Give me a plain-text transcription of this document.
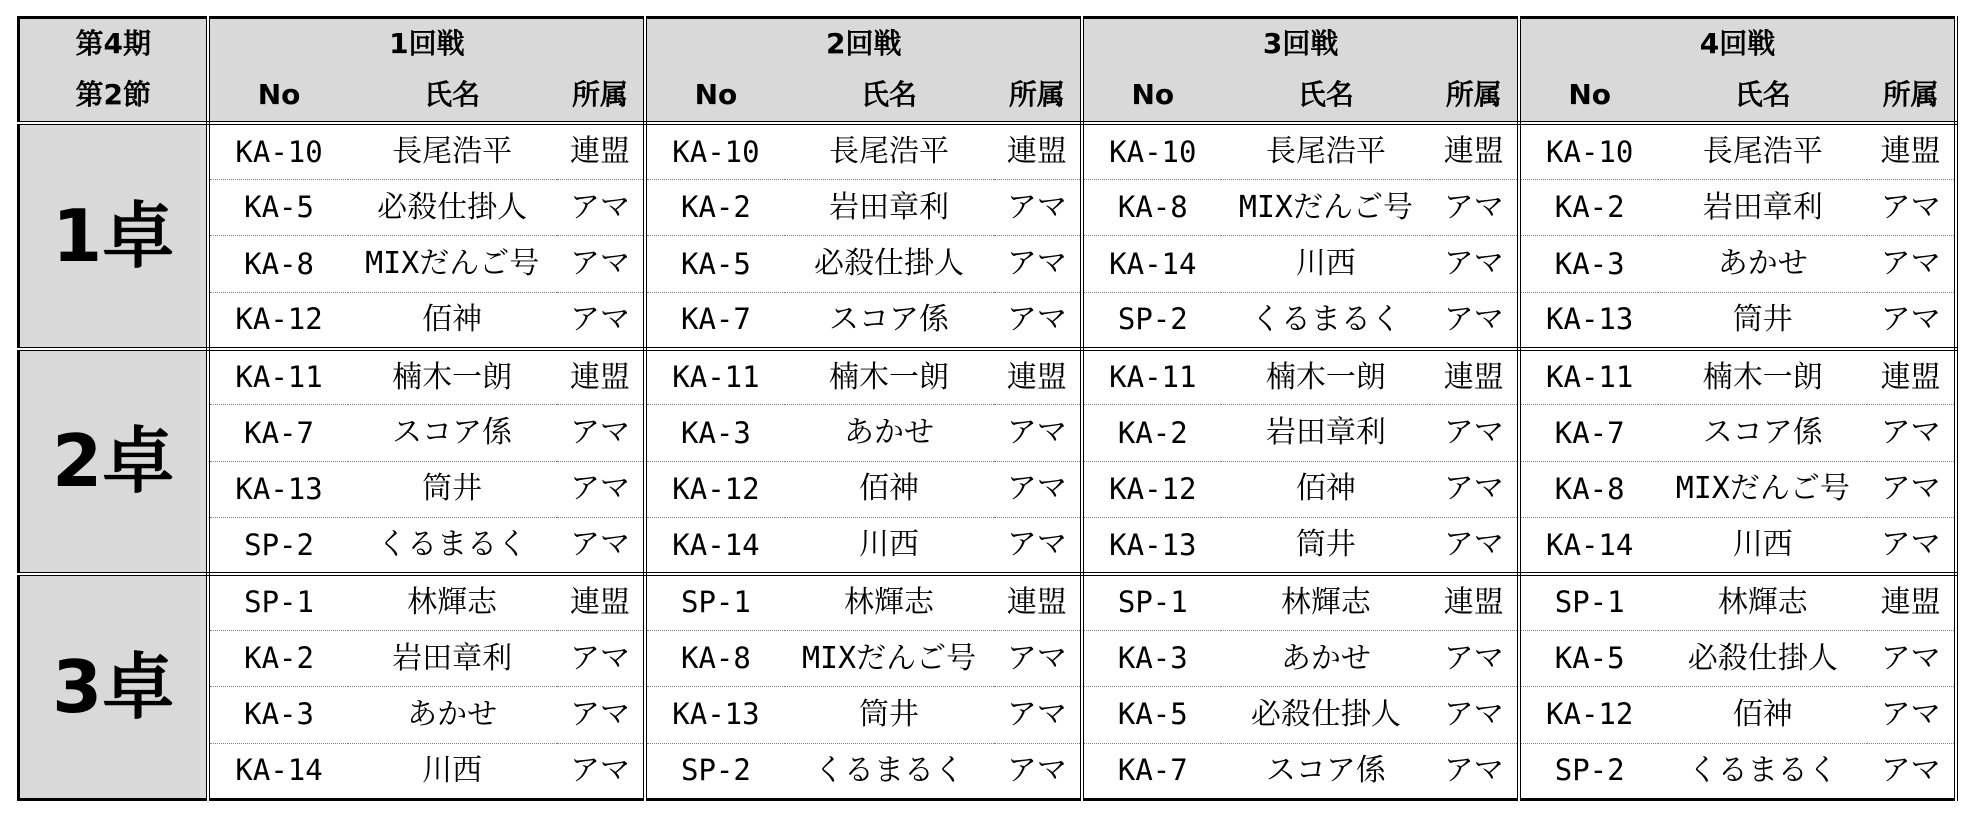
第4期	1回戦			2回戦			3回戦			4回戦		
第2節	No	氏名	所属	No	氏名	所属	No	氏名	所属	No	氏名	所属
1卓	KA-10	長尾浩平	連盟	KA-10	長尾浩平	連盟	KA-10	長尾浩平	連盟	KA-10	長尾浩平	連盟
	KA-5	必殺仕掛人	アマ	KA-2	岩田章利	アマ	KA-8	MIXだんご号	アマ	KA-2	岩田章利	アマ
	KA-8	MIXだんご号	アマ	KA-5	必殺仕掛人	アマ	KA-14	川西	アマ	KA-3	あかせ	アマ
	KA-12	佰神	アマ	KA-7	スコア係	アマ	SP-2	くるまるく	アマ	KA-13	筒井	アマ
2卓	KA-11	楠木一朗	連盟	KA-11	楠木一朗	連盟	KA-11	楠木一朗	連盟	KA-11	楠木一朗	連盟
	KA-7	スコア係	アマ	KA-3	あかせ	アマ	KA-2	岩田章利	アマ	KA-7	スコア係	アマ
	KA-13	筒井	アマ	KA-12	佰神	アマ	KA-12	佰神	アマ	KA-8	MIXだんご号	アマ
	SP-2	くるまるく	アマ	KA-14	川西	アマ	KA-13	筒井	アマ	KA-14	川西	アマ
3卓	SP-1	林輝志	連盟	SP-1	林輝志	連盟	SP-1	林輝志	連盟	SP-1	林輝志	連盟
	KA-2	岩田章利	アマ	KA-8	MIXだんご号	アマ	KA-3	あかせ	アマ	KA-5	必殺仕掛人	アマ
	KA-3	あかせ	アマ	KA-13	筒井	アマ	KA-5	必殺仕掛人	アマ	KA-12	佰神	アマ
	KA-14	川西	アマ	SP-2	くるまるく	アマ	KA-7	スコア係	アマ	SP-2	くるまるく	アマ
